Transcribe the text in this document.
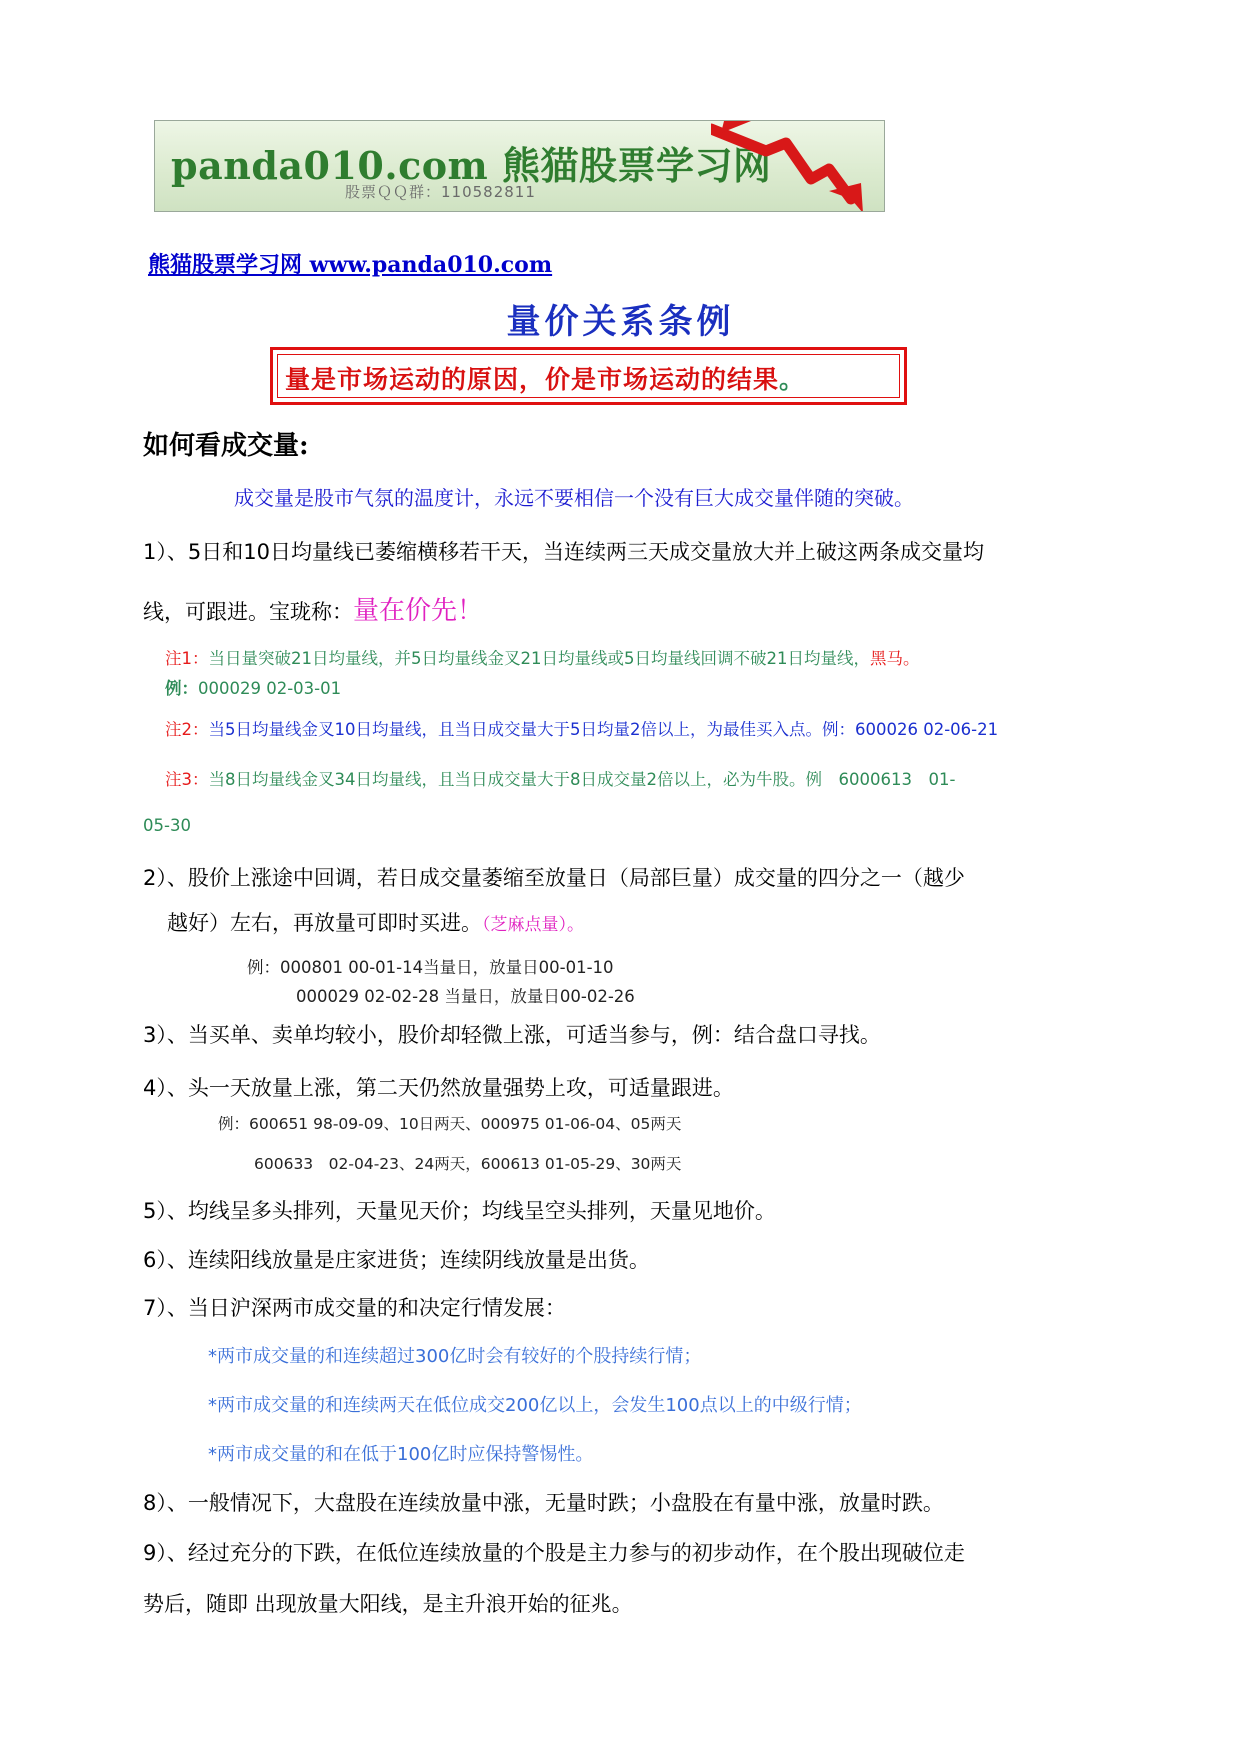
panda010.com 熊猫股票学习网
股票ＱＱ群：110582811
熊猫股票学习网 www.panda010.com
量价关系条例
量是市场运动的原因，价是市场运动的结果。
如何看成交量:
成交量是股市气氛的温度计，永远不要相信一个没有巨大成交量伴随的突破。
1）、5日和10日均量线已萎缩横移若干天，当连续两三天成交量放大并上破这两条成交量均
线，可跟进。宝珑称：量在价先！
注1：当日量突破21日均量线，并5日均量线金叉21日均量线或5日均量线回调不破21日均量线，黑马。
例：000029 02-03-01
注2：当5日均量线金叉10日均量线，且当日成交量大于5日均量2倍以上，为最佳买入点。例：600026 02-06-21
注3：当8日均量线金叉34日均量线，且当日成交量大于8日成交量2倍以上，必为牛股。例　6000613　01-
05-30
2）、股价上涨途中回调，若日成交量萎缩至放量日（局部巨量）成交量的四分之一（越少
越好）左右，再放量可即时买进。（芝麻点量）。
例：000801 00-01-14当量日，放量日00-01-10
000029 02-02-28 当量日，放量日00-02-26
3）、当买单、卖单均较小，股价却轻微上涨，可适当参与，例：结合盘口寻找。
4）、头一天放量上涨，第二天仍然放量强势上攻，可适量跟进。
例：600651 98-09-09、10日两天、000975 01-06-04、05两天
600633　02-04-23、24两天，600613 01-05-29、30两天
5）、均线呈多头排列，天量见天价；均线呈空头排列，天量见地价。
6）、连续阳线放量是庄家进货；连续阴线放量是出货。
7）、当日沪深两市成交量的和决定行情发展：
*两市成交量的和连续超过300亿时会有较好的个股持续行情；
*两市成交量的和连续两天在低位成交200亿以上，会发生100点以上的中级行情；
*两市成交量的和在低于100亿时应保持警惕性。
8）、一般情况下，大盘股在连续放量中涨，无量时跌；小盘股在有量中涨，放量时跌。
9）、经过充分的下跌，在低位连续放量的个股是主力参与的初步动作，在个股出现破位走
势后，随即 出现放量大阳线，是主升浪开始的征兆。
